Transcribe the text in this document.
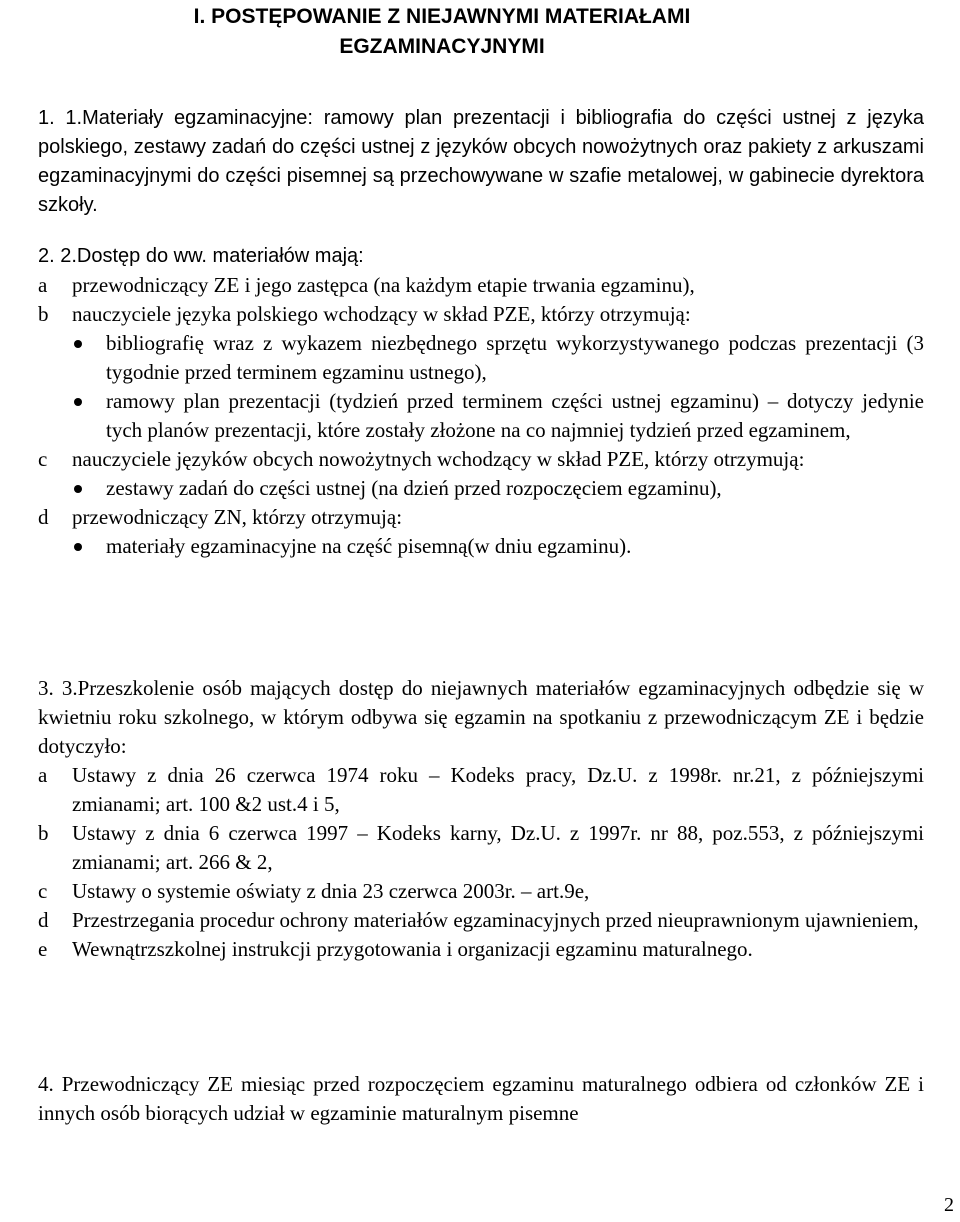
I. POSTĘPOWANIE Z NIEJAWNYMI MATERIAŁAMI
EGZAMINACYJNYMI

1. 1.Materiały egzaminacyjne: ramowy plan prezentacji i bibliografia do części ustnej z języka polskiego, zestawy zadań do części ustnej z języków obcych nowożytnych oraz pakiety z arkuszami egzaminacyjnymi do części pisemnej są przechowywane w szafie metalowej, w gabinecie dyrektora szkoły.

2. 2.Dostęp do ww. materiałów mają:
a	przewodniczący ZE i jego zastępca (na każdym etapie trwania egzaminu),
b	nauczyciele języka polskiego wchodzący w skład PZE, którzy otrzymują:
bibliografię wraz z wykazem niezbędnego sprzętu wykorzystywanego podczas prezentacji (3 tygodnie przed terminem egzaminu ustnego),
ramowy plan prezentacji (tydzień przed terminem części ustnej egzaminu) – dotyczy jedynie tych planów prezentacji, które zostały złożone na co najmniej tydzień przed egzaminem,
c	nauczyciele języków obcych nowożytnych wchodzący w skład PZE, którzy otrzymują:
zestawy zadań do części ustnej (na dzień przed rozpoczęciem egzaminu),
d	przewodniczący ZN, którzy otrzymują:
materiały egzaminacyjne na część pisemną(w dniu egzaminu).

3. 3.Przeszkolenie osób mających dostęp do niejawnych materiałów egzaminacyjnych odbędzie się w kwietniu roku szkolnego, w którym odbywa się egzamin na spotkaniu z przewodniczącym ZE i będzie dotyczyło:

a	Ustawy z dnia 26 czerwca 1974 roku – Kodeks pracy, Dz.U. z 1998r. nr.21, z późniejszymi zmianami; art. 100 &2 ust.4 i 5,
b	Ustawy z dnia 6 czerwca 1997 – Kodeks karny, Dz.U. z 1997r. nr 88, poz.553, z późniejszymi zmianami; art. 266 & 2,
c	Ustawy o systemie oświaty z dnia 23 czerwca 2003r. – art.9e,
d	Przestrzegania procedur ochrony materiałów egzaminacyjnych przed nieuprawnionym ujawnieniem,
e	Wewnątrzszkolnej instrukcji przygotowania i organizacji egzaminu maturalnego.

4. Przewodniczący ZE miesiąc przed rozpoczęciem egzaminu maturalnego odbiera od członków ZE i innych osób biorących udział w egzaminie maturalnym pisemne

2
